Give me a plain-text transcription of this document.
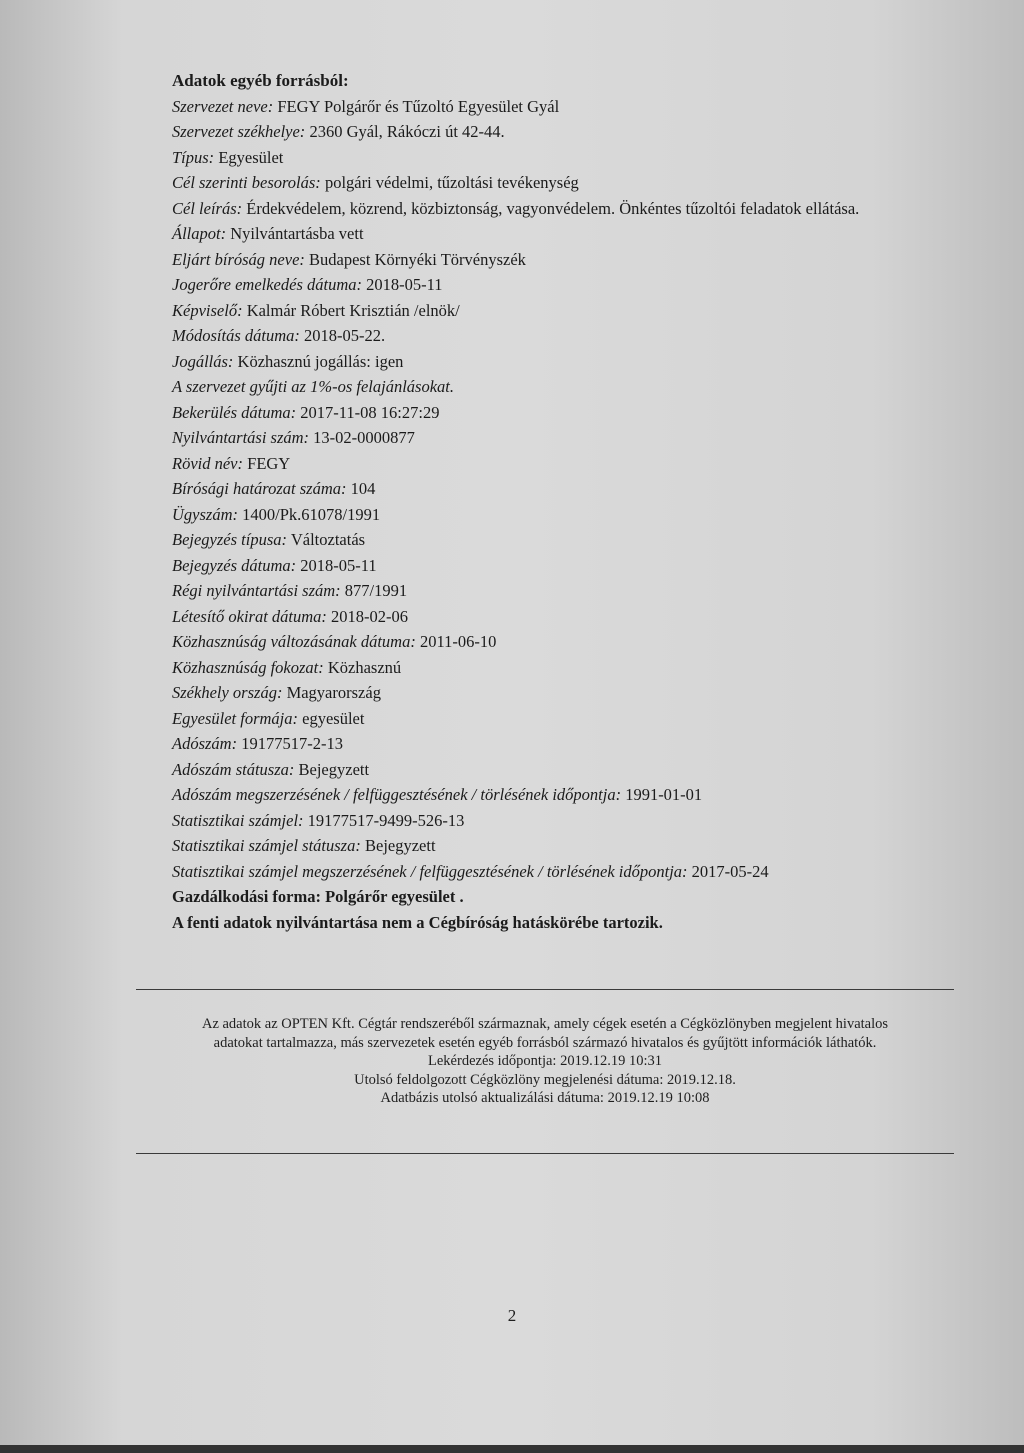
Adatok egyéb forrásból:
Szervezet neve: FEGY Polgárőr és Tűzoltó Egyesület Gyál
Szervezet székhelye: 2360 Gyál, Rákóczi út 42-44.
Típus: Egyesület
Cél szerinti besorolás: polgári védelmi, tűzoltási tevékenység
Cél leírás: Érdekvédelem, közrend, közbiztonság, vagyonvédelem. Önkéntes tűzoltói feladatok ellátása.
Állapot: Nyilvántartásba vett
Eljárt bíróság neve: Budapest Környéki Törvényszék
Jogerőre emelkedés dátuma: 2018-05-11
Képviselő: Kalmár Róbert Krisztián /elnök/
Módosítás dátuma: 2018-05-22.
Jogállás: Közhasznú jogállás: igen
A szervezet gyűjti az 1%-os felajánlásokat.
Bekerülés dátuma: 2017-11-08 16:27:29
Nyilvántartási szám: 13-02-0000877
Rövid név: FEGY
Bírósági határozat száma: 104
Ügyszám: 1400/Pk.61078/1991
Bejegyzés típusa: Változtatás
Bejegyzés dátuma: 2018-05-11
Régi nyilvántartási szám: 877/1991
Létesítő okirat dátuma: 2018-02-06
Közhasznúság változásának dátuma: 2011-06-10
Közhasznúság fokozat: Közhasznú
Székhely ország: Magyarország
Egyesület formája: egyesület
Adószám: 19177517-2-13
Adószám státusza: Bejegyzett
Adószám megszerzésének / felfüggesztésének / törlésének időpontja: 1991-01-01
Statisztikai számjel: 19177517-9499-526-13
Statisztikai számjel státusza: Bejegyzett
Statisztikai számjel megszerzésének / felfüggesztésének / törlésének időpontja: 2017-05-24
Gazdálkodási forma: Polgárőr egyesület .
A fenti adatok nyilvántartása nem a Cégbíróság hatáskörébe tartozik.
Az adatok az OPTEN Kft. Cégtár rendszeréből származnak, amely cégek esetén a Cégközlönyben megjelent hivatalos
adatokat tartalmazza, más szervezetek esetén egyéb forrásból származó hivatalos és gyűjtött információk láthatók.
Lekérdezés időpontja: 2019.12.19 10:31
Utolsó feldolgozott Cégközlöny megjelenési dátuma: 2019.12.18.
Adatbázis utolsó aktualizálási dátuma: 2019.12.19 10:08
2
